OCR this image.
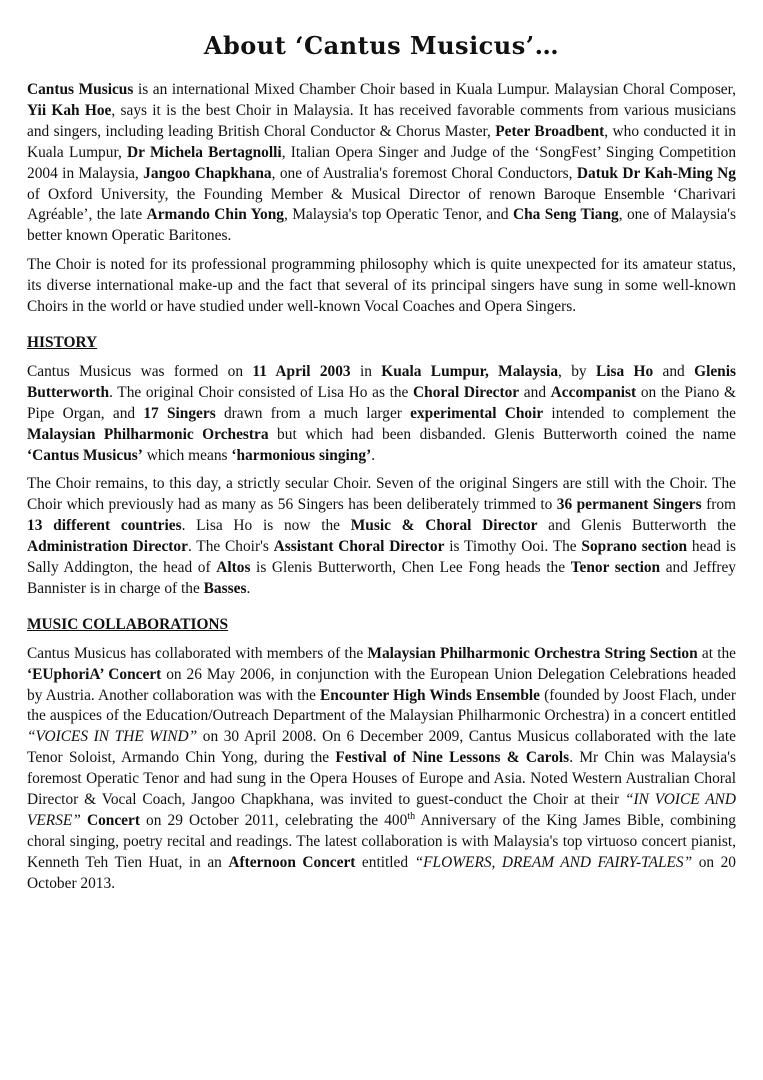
About ‘Cantus Musicus’…

Cantus Musicus is an international Mixed Chamber Choir based in Kuala Lumpur. Malaysian Choral Composer, Yii Kah Hoe, says it is the best Choir in Malaysia. It has received favorable comments from various musicians and singers, including leading British Choral Conductor & Chorus Master, Peter Broadbent, who conducted it in Kuala Lumpur, Dr Michela Bertagnolli, Italian Opera Singer and Judge of the ‘SongFest’ Singing Competition 2004 in Malaysia, Jangoo Chapkhana, one of Australia's foremost Choral Conductors, Datuk Dr Kah-Ming Ng of Oxford University, the Founding Member & Musical Director of renown Baroque Ensemble ‘Charivari Agréable’, the late Armando Chin Yong, Malaysia's top Operatic Tenor, and Cha Seng Tiang, one of Malaysia's better known Operatic Baritones.

The Choir is noted for its professional programming philosophy which is quite unexpected for its amateur status, its diverse international make-up and the fact that several of its principal singers have sung in some well-known Choirs in the world or have studied under well-known Vocal Coaches and Opera Singers.

HISTORY

Cantus Musicus was formed on 11 April 2003 in Kuala Lumpur, Malaysia, by Lisa Ho and Glenis Butterworth. The original Choir consisted of Lisa Ho as the Choral Director and Accompanist on the Piano & Pipe Organ, and 17 Singers drawn from a much larger experimental Choir intended to complement the Malaysian Philharmonic Orchestra but which had been disbanded. Glenis Butterworth coined the name ‘Cantus Musicus’ which means ‘harmonious singing’.

The Choir remains, to this day, a strictly secular Choir. Seven of the original Singers are still with the Choir. The Choir which previously had as many as 56 Singers has been deliberately trimmed to 36 permanent Singers from 13 different countries. Lisa Ho is now the Music & Choral Director and Glenis Butterworth the Administration Director. The Choir's Assistant Choral Director is Timothy Ooi. The Soprano section head is Sally Addington, the head of Altos is Glenis Butterworth, Chen Lee Fong heads the Tenor section and Jeffrey Bannister is in charge of the Basses.

MUSIC COLLABORATIONS

Cantus Musicus has collaborated with members of the Malaysian Philharmonic Orchestra String Section at the ‘EUphoriA’ Concert on 26 May 2006, in conjunction with the European Union Delegation Celebrations headed by Austria. Another collaboration was with the Encounter High Winds Ensemble (founded by Joost Flach, under the auspices of the Education/Outreach Department of the Malaysian Philharmonic Orchestra) in a concert entitled “VOICES IN THE WIND” on 30 April 2008. On 6 December 2009, Cantus Musicus collaborated with the late Tenor Soloist, Armando Chin Yong, during the Festival of Nine Lessons & Carols. Mr Chin was Malaysia's foremost Operatic Tenor and had sung in the Opera Houses of Europe and Asia. Noted Western Australian Choral Director & Vocal Coach, Jangoo Chapkhana, was invited to guest-conduct the Choir at their “IN VOICE AND VERSE” Concert on 29 October 2011, celebrating the 400th Anniversary of the King James Bible, combining choral singing, poetry recital and readings. The latest collaboration is with Malaysia's top virtuoso concert pianist, Kenneth Teh Tien Huat, in an Afternoon Concert entitled “FLOWERS, DREAM AND FAIRY-TALES” on 20 October 2013.
